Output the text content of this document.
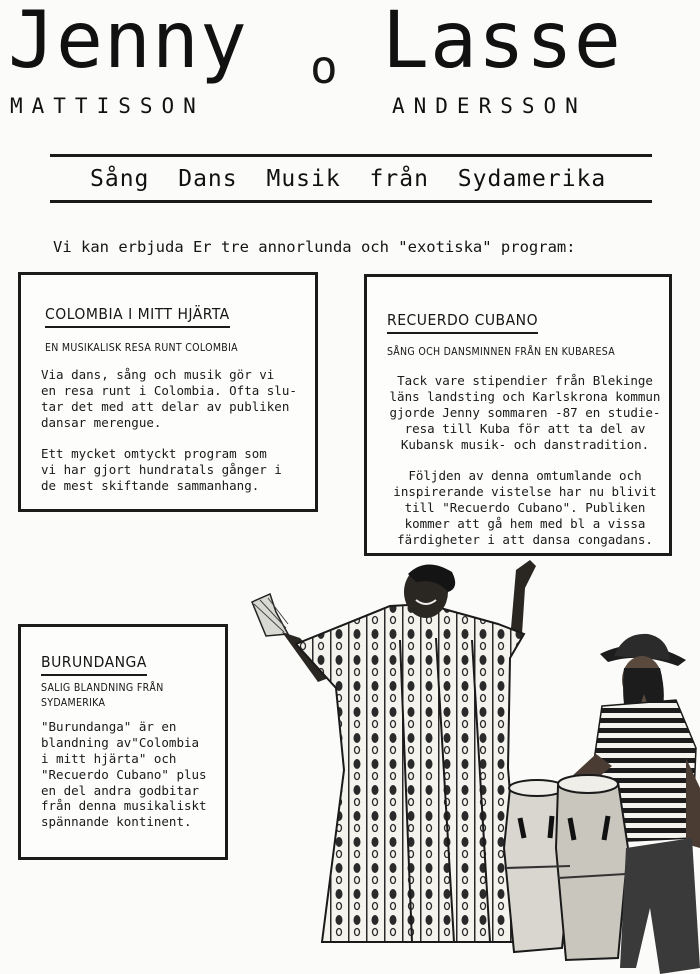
Jenny o Lasse
MATTISSON	ANDERSSON
Sång Dans Musik från Sydamerika
Vi kan erbjuda Er tre annorlunda och "exotiska" program:
COLOMBIA I MITT HJÄRTA
EN MUSIKALISK RESA RUNT COLOMBIA
Via dans, sång och musik gör vi
en resa runt i Colombia. Ofta slu-
tar det med att delar av publiken
dansar merengue.

Ett mycket omtyckt program som
vi har gjort hundratals gånger i
de mest skiftande sammanhang.
RECUERDO CUBANO
SÅNG OCH DANSMINNEN FRÅN EN KUBARESA
Tack vare stipendier från Blekinge
läns landsting och Karlskrona kommun
gjorde Jenny sommaren -87 en studie-
resa till Kuba för att ta del av
Kubansk musik- och danstradition.

Följden av denna omtumlande och
inspirerande vistelse har nu blivit
till "Recuerdo Cubano". Publiken
kommer att gå hem med bl a vissa
färdigheter i att dansa congadans.
BURUNDANGA
SALIG BLANDNING FRÅN
SYDAMERIKA
"Burundanga" är en
blandning av"Colombia
i mitt hjärta" och
"Recuerdo Cubano" plus
en del andra godbitar
från denna musikaliskt
spännande kontinent.
